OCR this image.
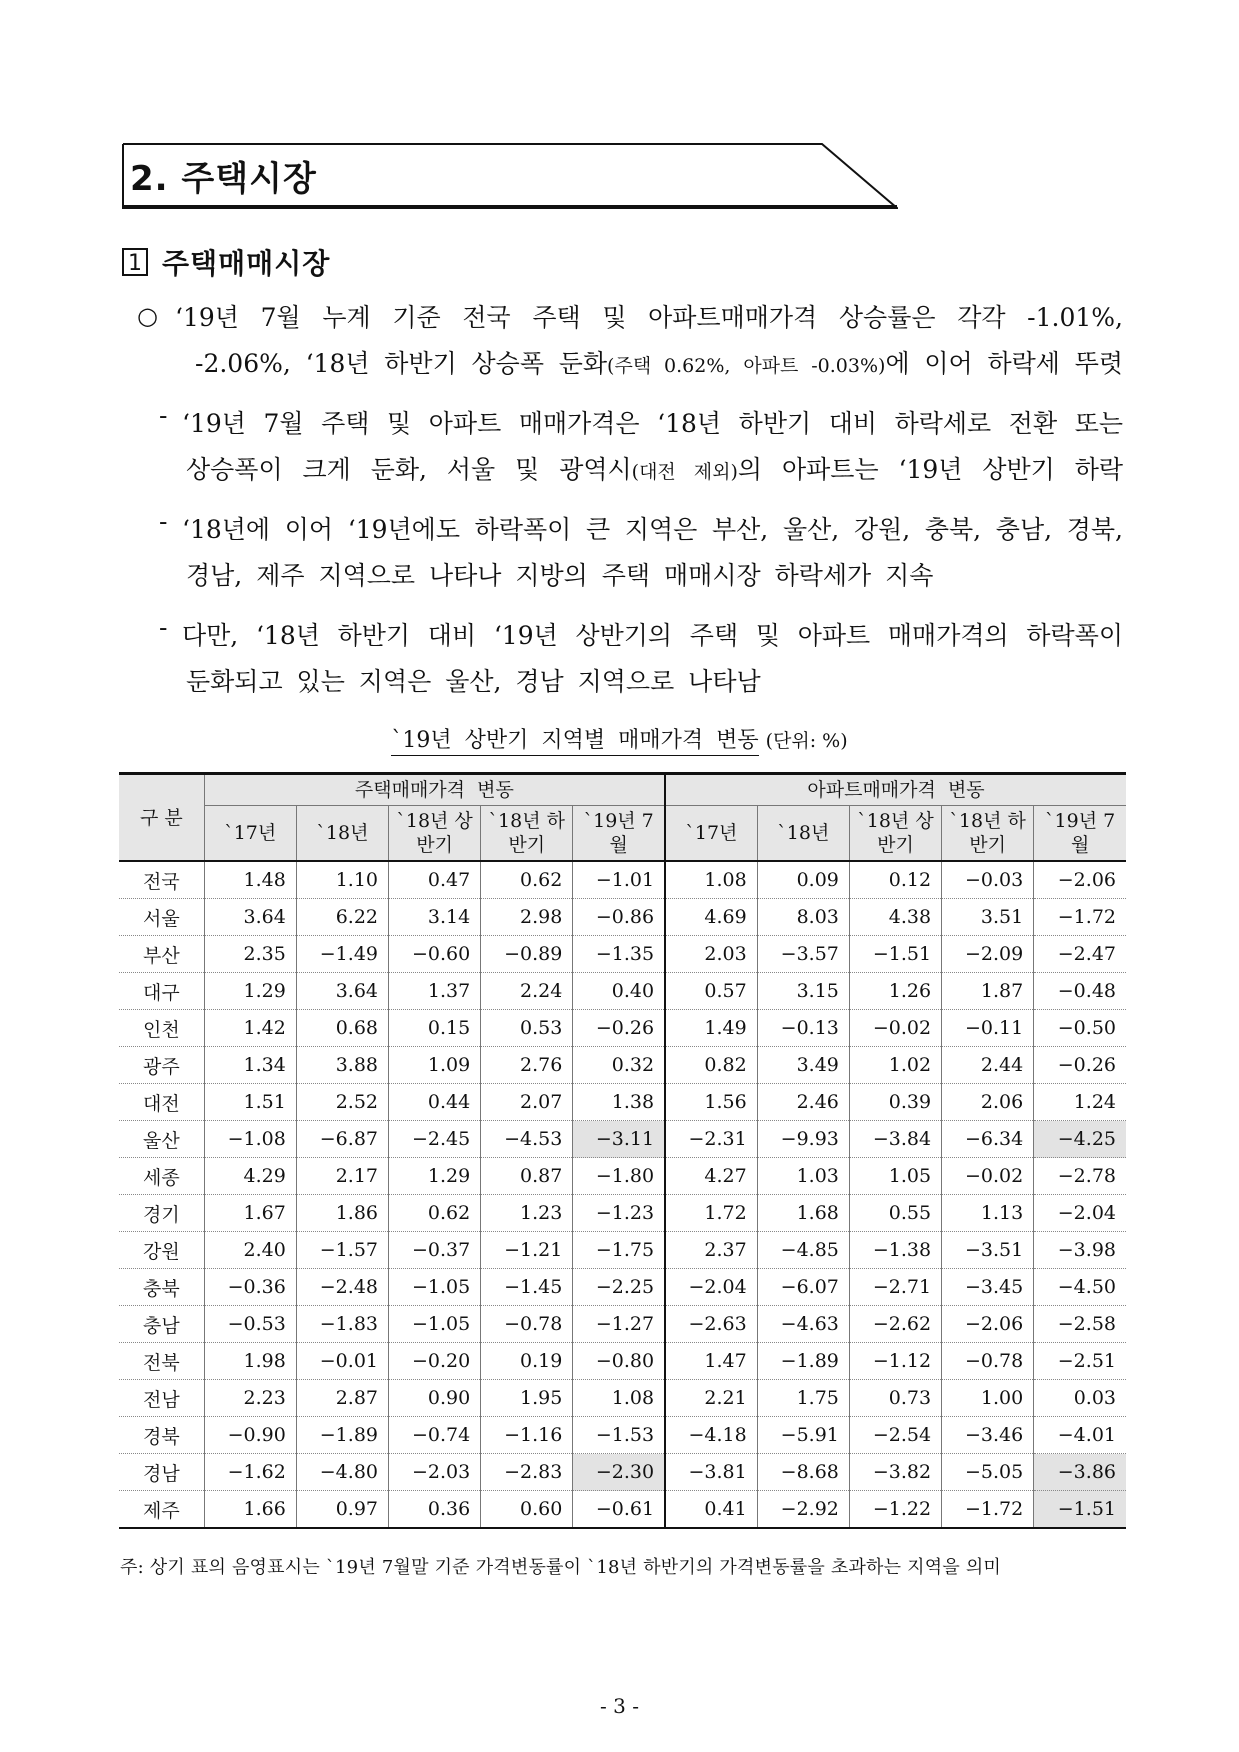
2. 주택시장
1 주택매매시장
○ ‘19년 7월 누계 기준 전국 주택 및 아파트매매가격 상승률은 각각 -1.01%,
-2.06%, ‘18년 하반기 상승폭 둔화(주택 0.62%, 아파트 -0.03%)에 이어 하락세 뚜렷
- ‘19년 7월 주택 및 아파트 매매가격은 ‘18년 하반기 대비 하락세로 전환 또는
상승폭이 크게 둔화, 서울 및 광역시(대전 제외)의 아파트는 ‘19년 상반기 하락
- ‘18년에 이어 ‘19년에도 하락폭이 큰 지역은 부산, 울산, 강원, 충북, 충남, 경북,
경남, 제주 지역으로 나타나 지방의 주택 매매시장 하락세가 지속
- 다만, ‘18년 하반기 대비 ‘19년 상반기의 주택 및 아파트 매매가격의 하락폭이
둔화되고 있는 지역은 울산, 경남 지역으로 나타남
`19년 상반기 지역별 매매가격 변동 (단위: %)
구 분	주택매매가격  변동					아파트매매가격  변동				
	`17년	`18년	`18년 상반기	`18년 하반기	`19년 7월	`17년	`18년	`18년 상반기	`18년 하반기	`19년 7월
전국	1.48	1.10	0.47	0.62	−1.01	1.08	0.09	0.12	−0.03	−2.06
서울	3.64	6.22	3.14	2.98	−0.86	4.69	8.03	4.38	3.51	−1.72
부산	2.35	−1.49	−0.60	−0.89	−1.35	2.03	−3.57	−1.51	−2.09	−2.47
대구	1.29	3.64	1.37	2.24	0.40	0.57	3.15	1.26	1.87	−0.48
인천	1.42	0.68	0.15	0.53	−0.26	1.49	−0.13	−0.02	−0.11	−0.50
광주	1.34	3.88	1.09	2.76	0.32	0.82	3.49	1.02	2.44	−0.26
대전	1.51	2.52	0.44	2.07	1.38	1.56	2.46	0.39	2.06	1.24
울산	−1.08	−6.87	−2.45	−4.53	−3.11	−2.31	−9.93	−3.84	−6.34	−4.25
세종	4.29	2.17	1.29	0.87	−1.80	4.27	1.03	1.05	−0.02	−2.78
경기	1.67	1.86	0.62	1.23	−1.23	1.72	1.68	0.55	1.13	−2.04
강원	2.40	−1.57	−0.37	−1.21	−1.75	2.37	−4.85	−1.38	−3.51	−3.98
충북	−0.36	−2.48	−1.05	−1.45	−2.25	−2.04	−6.07	−2.71	−3.45	−4.50
충남	−0.53	−1.83	−1.05	−0.78	−1.27	−2.63	−4.63	−2.62	−2.06	−2.58
전북	1.98	−0.01	−0.20	0.19	−0.80	1.47	−1.89	−1.12	−0.78	−2.51
전남	2.23	2.87	0.90	1.95	1.08	2.21	1.75	0.73	1.00	0.03
경북	−0.90	−1.89	−0.74	−1.16	−1.53	−4.18	−5.91	−2.54	−3.46	−4.01
경남	−1.62	−4.80	−2.03	−2.83	−2.30	−3.81	−8.68	−3.82	−5.05	−3.86
제주	1.66	0.97	0.36	0.60	−0.61	0.41	−2.92	−1.22	−1.72	−1.51
주: 상기 표의 음영표시는 `19년 7월말 기준 가격변동률이 `18년 하반기의 가격변동률을 초과하는 지역을 의미
- 3 -
